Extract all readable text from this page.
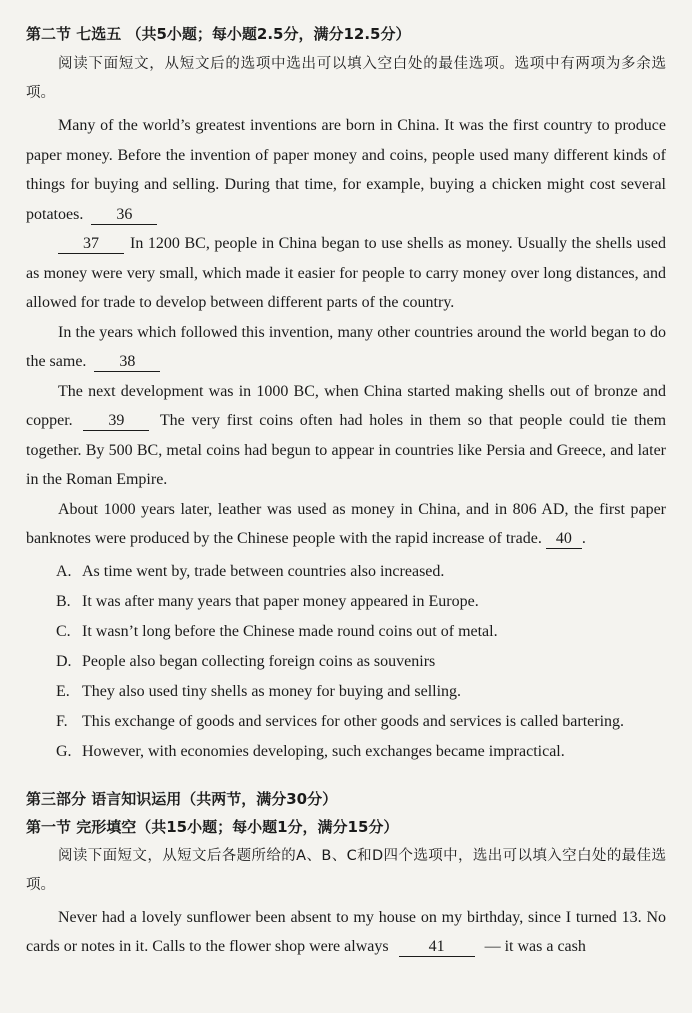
第二节 七选五 （共5小题；每小题2.5分，满分12.5分）
阅读下面短文，从短文后的选项中选出可以填入空白处的最佳选项。选项中有两项为多余选项。
Many of the world’s greatest inventions are born in China. It was the first country to produce paper money. Before the invention of paper money and coins, people used many different kinds of things for buying and selling. During that time, for example, buying a chicken might cost several potatoes. 36
37 In 1200 BC, people in China began to use shells as money. Usually the shells used as money were very small, which made it easier for people to carry money over long distances, and allowed for trade to develop between different parts of the country.
In the years which followed this invention, many other countries around the world began to do the same. 38
The next development was in 1000 BC, when China started making shells out of bronze and copper. 39 The very first coins often had holes in them so that people could tie them together. By 500 BC, metal coins had begun to appear in countries like Persia and Greece, and later in the Roman Empire.
About 1000 years later, leather was used as money in China, and in 806 AD, the first paper banknotes were produced by the Chinese people with the rapid increase of trade. 40 .
A. As time went by, trade between countries also increased.
B. It was after many years that paper money appeared in Europe.
C. It wasn’t long before the Chinese made round coins out of metal.
D. People also began collecting foreign coins as souvenirs
E. They also used tiny shells as money for buying and selling.
F. This exchange of goods and services for other goods and services is called bartering.
G. However, with economies developing, such exchanges became impractical.
第三部分 语言知识运用（共两节，满分30分）
第一节 完形填空（共15小题；每小题1分，满分15分）
阅读下面短文，从短文后各题所给的A、B、C和D四个选项中，选出可以填入空白处的最佳选项。
Never had a lovely sunflower been absent to my house on my birthday, since I turned 13. No cards or notes in it. Calls to the flower shop were always	41	— it was a cash
